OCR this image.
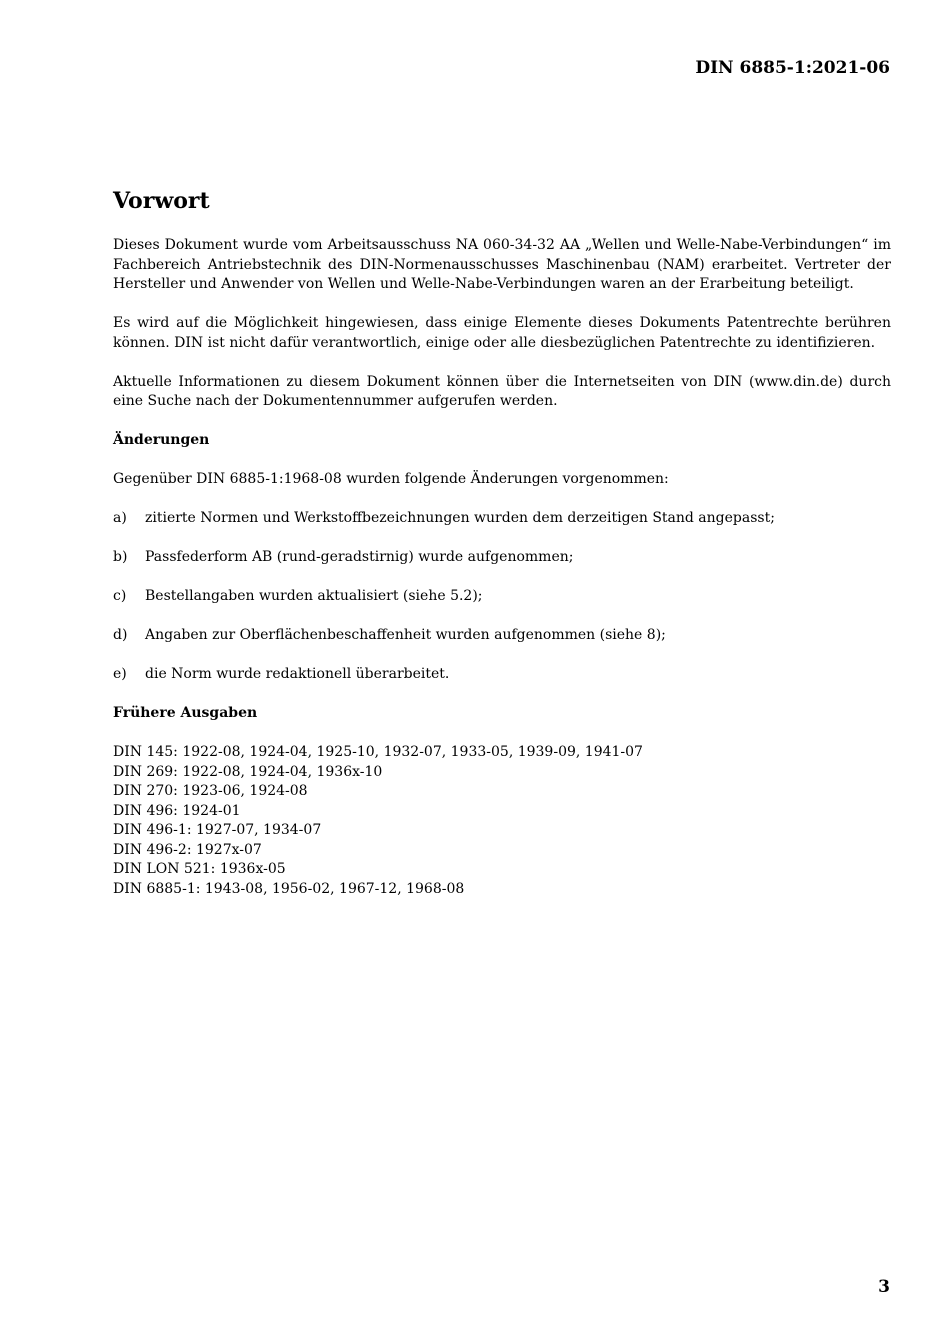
DIN 6885-1:2021-06
Vorwort

Dieses Dokument wurde vom Arbeitsausschuss NA 060-34-32 AA „Wellen und Welle-Nabe-Verbindungen“ im Fachbereich Antriebstechnik des DIN-Normenausschusses Maschinenbau (NAM) erarbeitet. Vertreter der Hersteller und Anwender von Wellen und Welle-Nabe-Verbindungen waren an der Erarbeitung beteiligt.

Es wird auf die Möglichkeit hingewiesen, dass einige Elemente dieses Dokuments Patentrechte berühren können. DIN ist nicht dafür verantwortlich, einige oder alle diesbezüglichen Patentrechte zu identifizieren.

Aktuelle Informationen zu diesem Dokument können über die Internetseiten von DIN (www.din.de) durch eine Suche nach der Dokumentennummer aufgerufen werden.

Änderungen

Gegenüber DIN 6885-1:1968-08 wurden folgende Änderungen vorgenommen:

a)	zitierte Normen und Werkstoffbezeichnungen wurden dem derzeitigen Stand angepasst;
b)	Passfederform AB (rund-geradstirnig) wurde aufgenommen;
c)	Bestellangaben wurden aktualisiert (siehe 5.2);
d)	Angaben zur Oberflächenbeschaffenheit wurden aufgenommen (siehe 8);
e)	die Norm wurde redaktionell überarbeitet.
Frühere Ausgaben
DIN 145: 1922-08, 1924-04, 1925-10, 1932-07, 1933-05, 1939-09, 1941-07
DIN 269: 1922-08, 1924-04, 1936x-10
DIN 270: 1923-06, 1924-08
DIN 496: 1924-01
DIN 496-1: 1927-07, 1934-07
DIN 496-2: 1927x-07
DIN LON 521: 1936x-05
DIN 6885-1: 1943-08, 1956-02, 1967-12, 1968-08
3
